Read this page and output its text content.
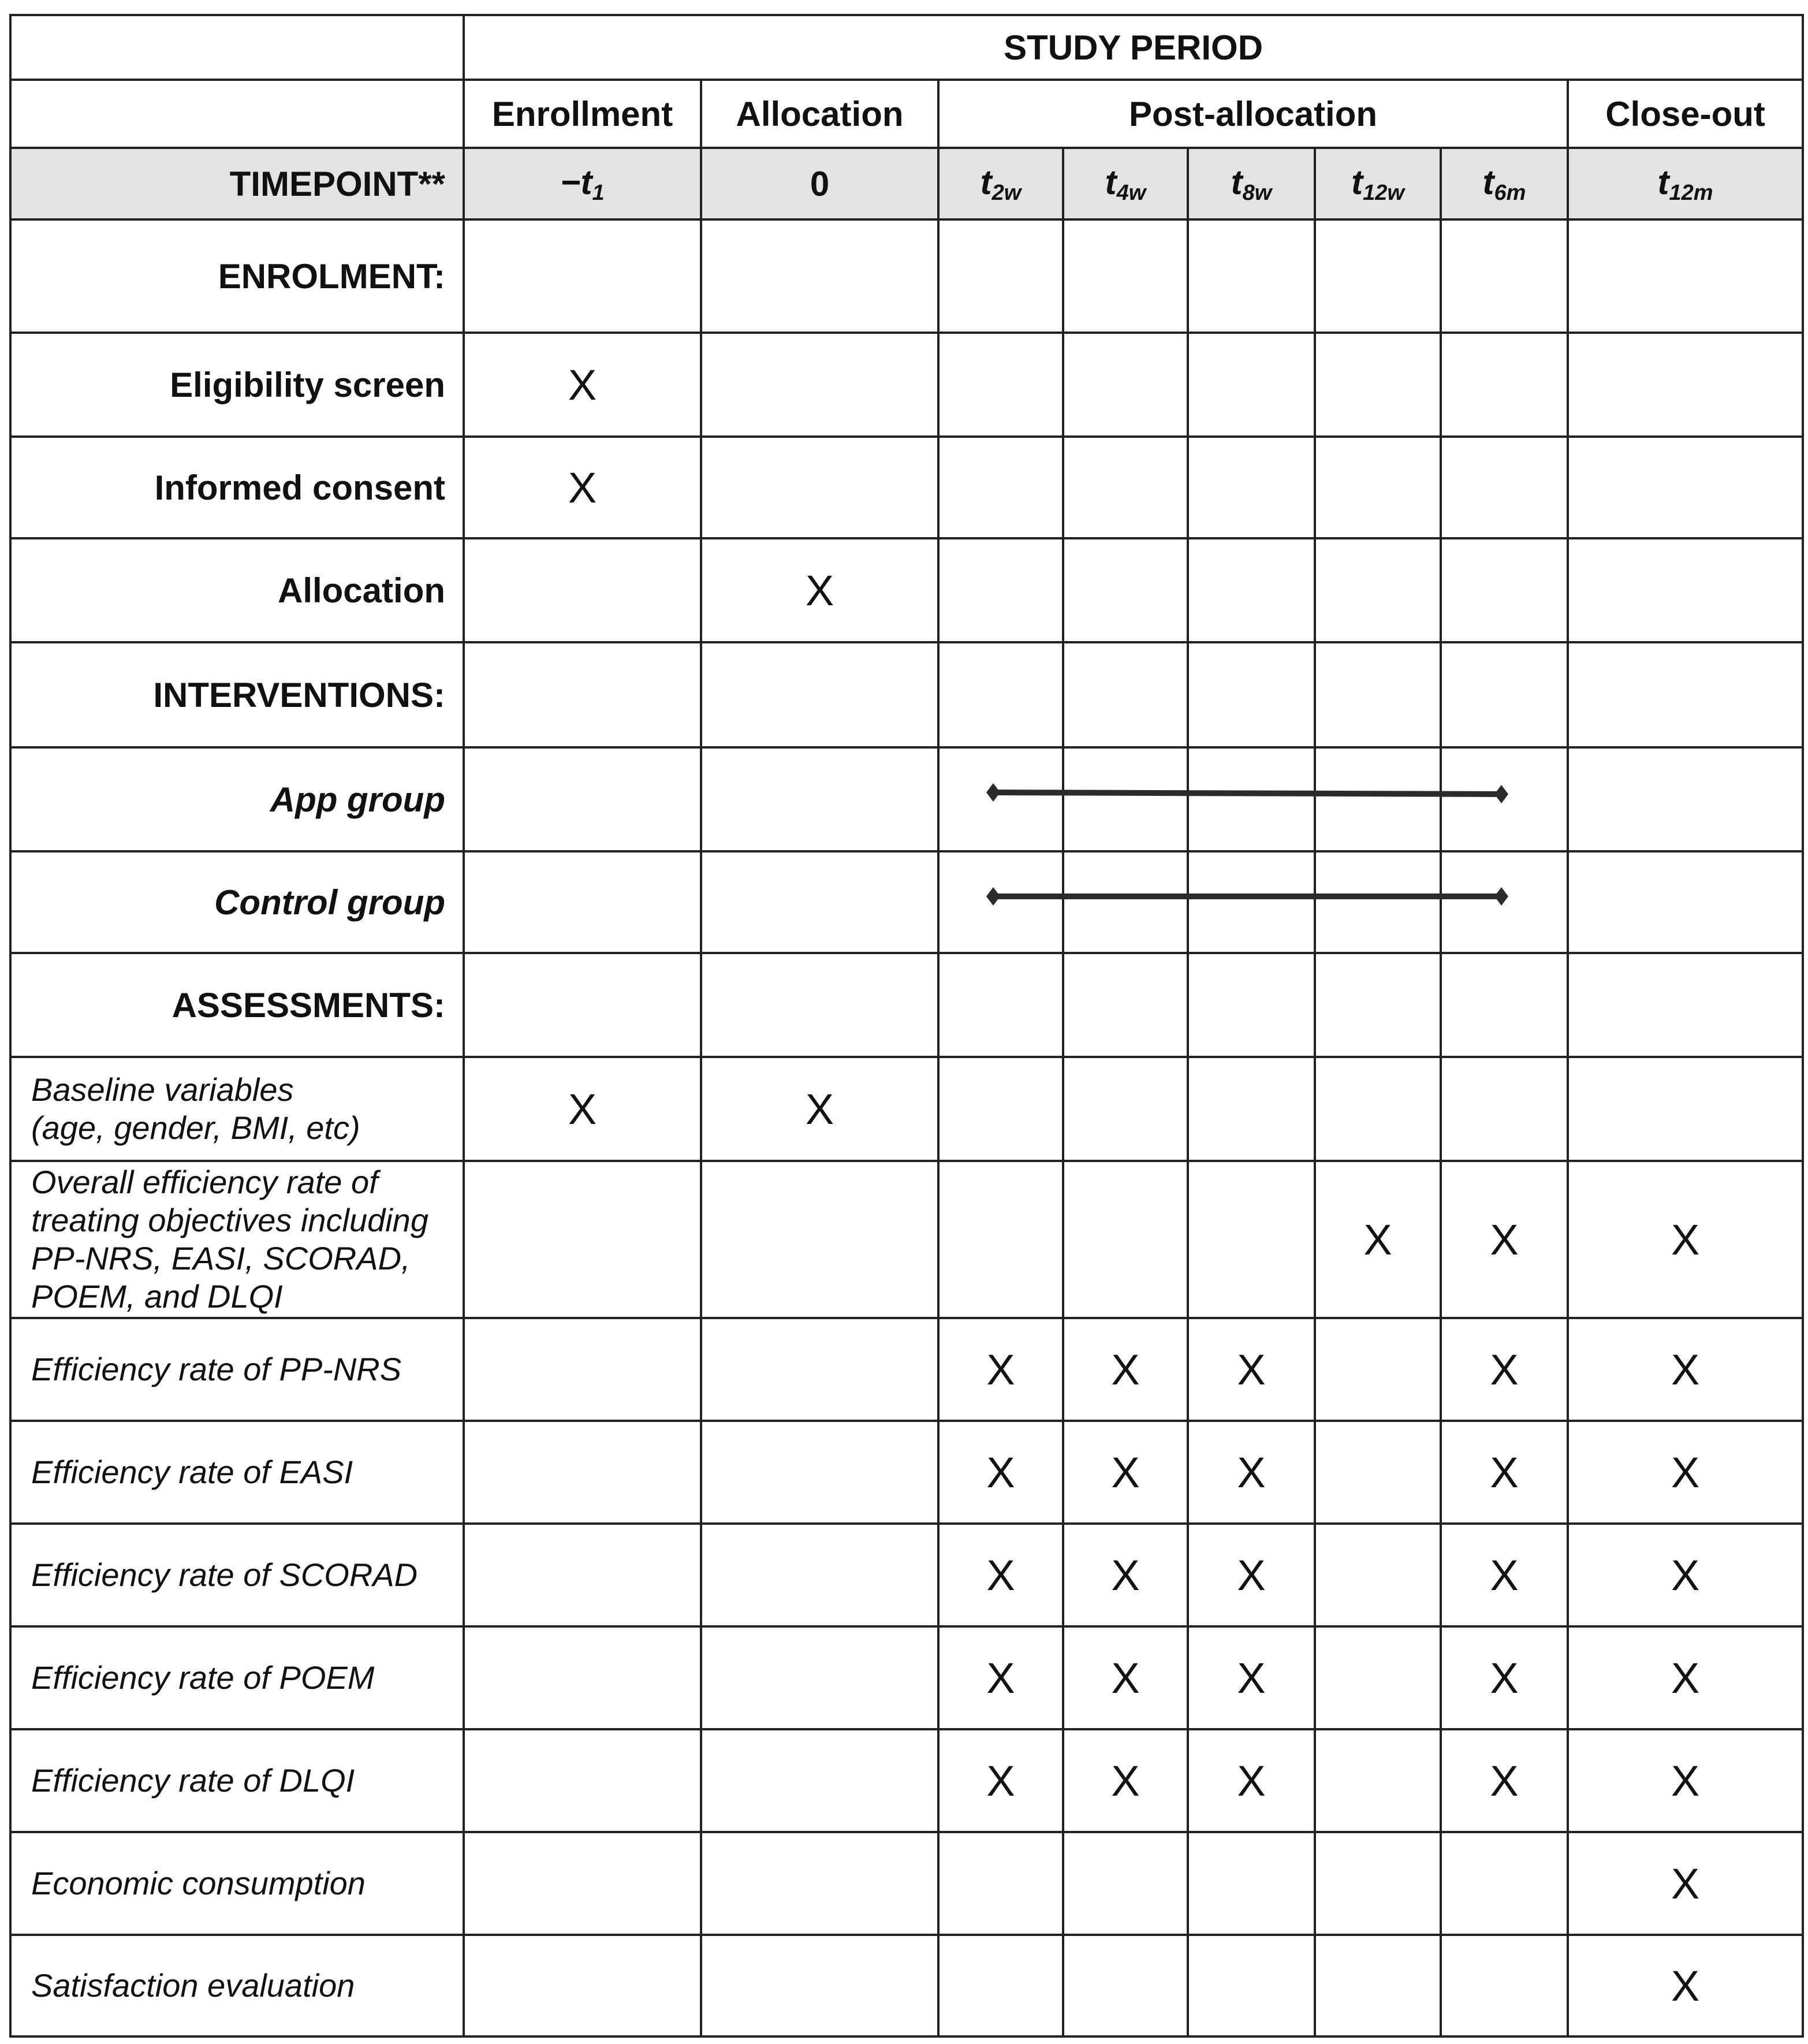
	STUDY PERIOD							
	Enrollment	Allocation	Post-allocation					Close-out
TIMEPOINT**	$-t_1$	0	$t_{2w}$	$t_{4w}$	$t_{8w}$	$t_{12w}$	$t_{6m}$	$t_{12m}$
ENROLMENT:								
Eligibility screen	X							
Informed consent	X							
Allocation		X						
INTERVENTIONS:								
App group								
Control group								
ASSESSMENTS:								

Baseline variables
(age, gender, BMI, etc)	X	X						

Overall efficiency rate of
treating objectives including
PP-NRS, EASI, SCORAD,
POEM, and DLQI						X	X	X
Efficiency rate of PP-NRS			X	X	X		X	X
Efficiency rate of EASI			X	X	X		X	X
Efficiency rate of SCORAD			X	X	X		X	X
Efficiency rate of POEM			X	X	X		X	X
Efficiency rate of DLQI			X	X	X		X	X
Economic consumption								X
Satisfaction evaluation								X
